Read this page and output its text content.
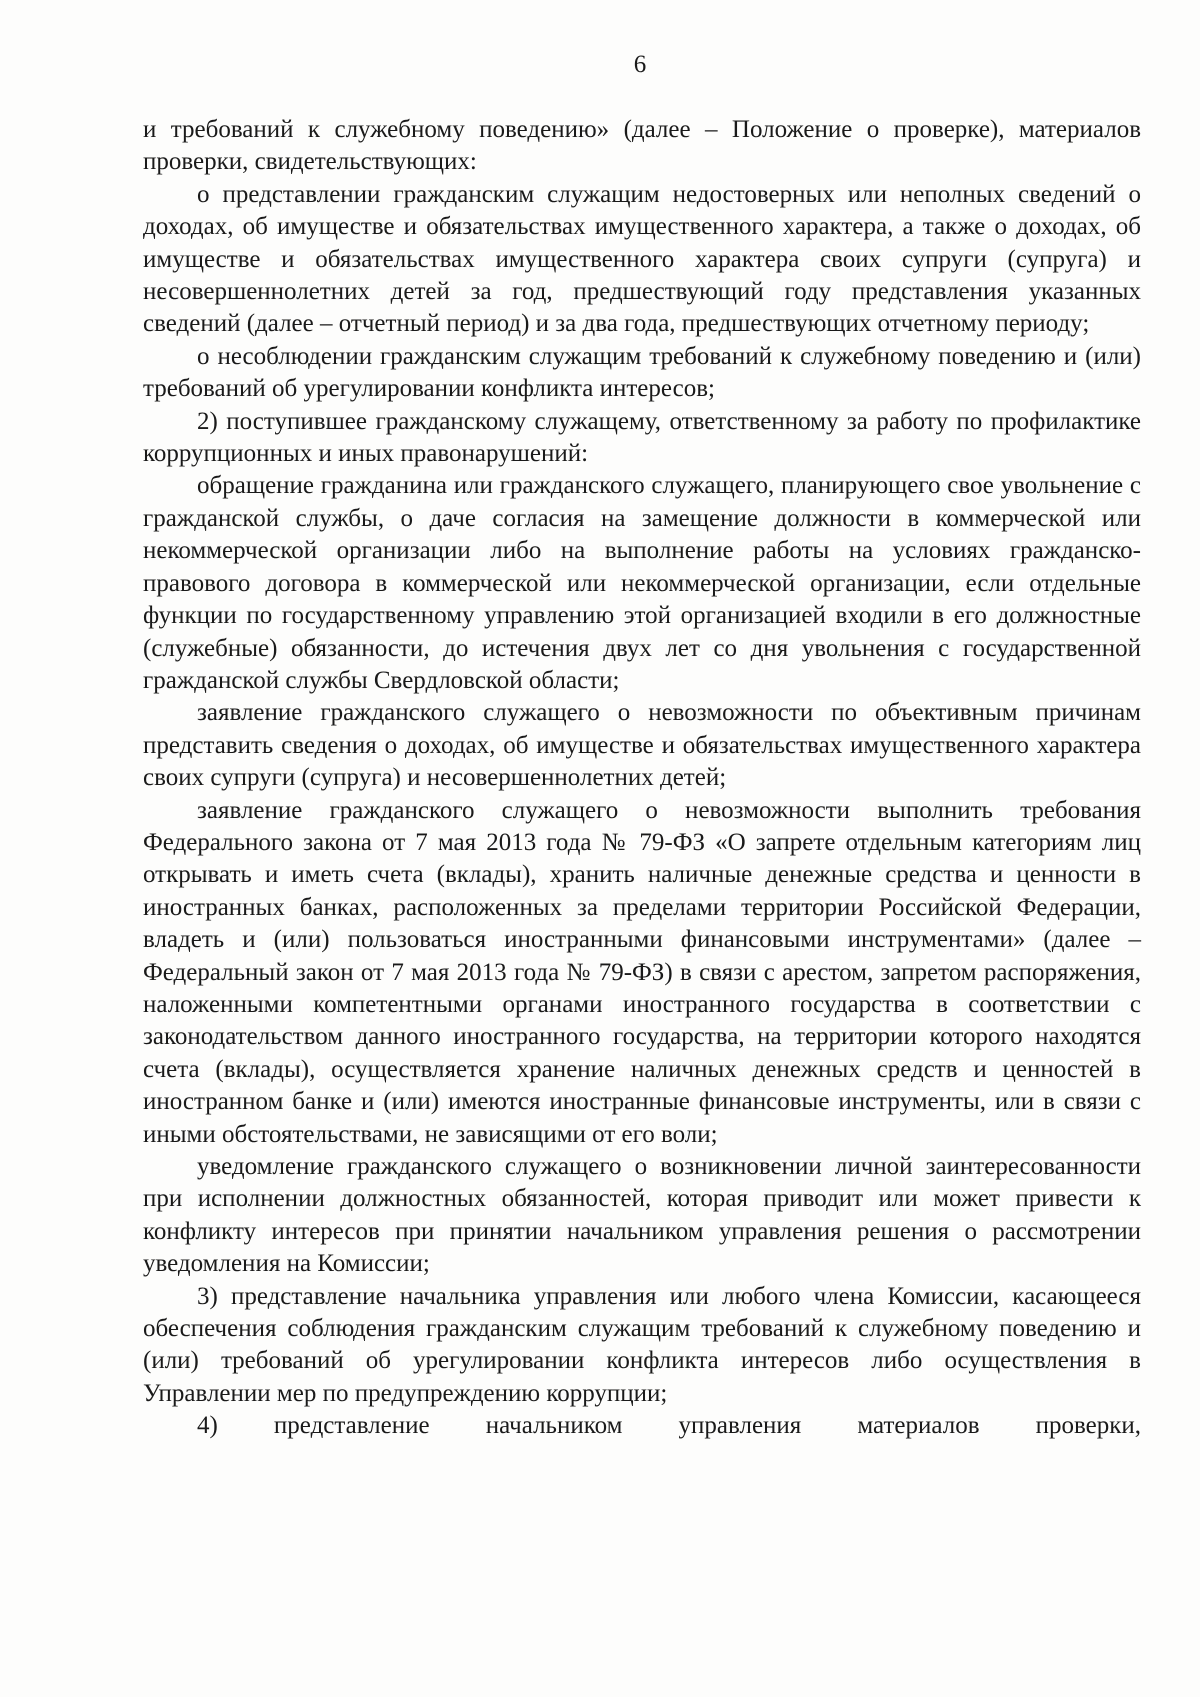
6

и требований к служебному поведению» (далее – Положение о проверке), материалов проверки, свидетельствующих:

о представлении гражданским служащим недостоверных или неполных сведений о доходах, об имуществе и обязательствах имущественного характера, а также о доходах, об имуществе и обязательствах имущественного характера своих супруги (супруга) и несовершеннолетних детей за год, предшествующий году представления указанных сведений (далее – отчетный период) и за два года, предшествующих отчетному периоду;

о несоблюдении гражданским служащим требований к служебному поведению и (или) требований об урегулировании конфликта интересов;

2) поступившее гражданскому служащему, ответственному за работу по профилактике коррупционных и иных правонарушений:

обращение гражданина или гражданского служащего, планирующего свое увольнение с гражданской службы, о даче согласия на замещение должности в коммерческой или некоммерческой организации либо на выполнение работы на условиях гражданско-правового договора в коммерческой или некоммерческой организации, если отдельные функции по государственному управлению этой организацией входили в его должностные (служебные) обязанности, до истечения двух лет со дня увольнения с государственной гражданской службы Свердловской области;

заявление гражданского служащего о невозможности по объективным причинам представить сведения о доходах, об имуществе и обязательствах имущественного характера своих супруги (супруга) и несовершеннолетних детей;

заявление гражданского служащего о невозможности выполнить требования Федерального закона от 7 мая 2013 года № 79-ФЗ «О запрете отдельным категориям лиц открывать и иметь счета (вклады), хранить наличные денежные средства и ценности в иностранных банках, расположенных за пределами территории Российской Федерации, владеть и (или) пользоваться иностранными финансовыми инструментами» (далее – Федеральный закон от 7 мая 2013 года № 79-ФЗ) в связи с арестом, запретом распоряжения, наложенными компетентными органами иностранного государства в соответствии с законодательством данного иностранного государства, на территории которого находятся счета (вклады), осуществляется хранение наличных денежных средств и ценностей в иностранном банке и (или) имеются иностранные финансовые инструменты, или в связи с иными обстоятельствами, не зависящими от его воли;

уведомление гражданского служащего о возникновении личной заинтересованности при исполнении должностных обязанностей, которая приводит или может привести к конфликту интересов при принятии начальником управления решения о рассмотрении уведомления на Комиссии;

3) представление начальника управления или любого члена Комиссии, касающееся обеспечения соблюдения гражданским служащим требований к служебному поведению и (или) требований об урегулировании конфликта интересов либо осуществления в Управлении мер по предупреждению коррупции;

4) представление начальником управления материалов проверки,
